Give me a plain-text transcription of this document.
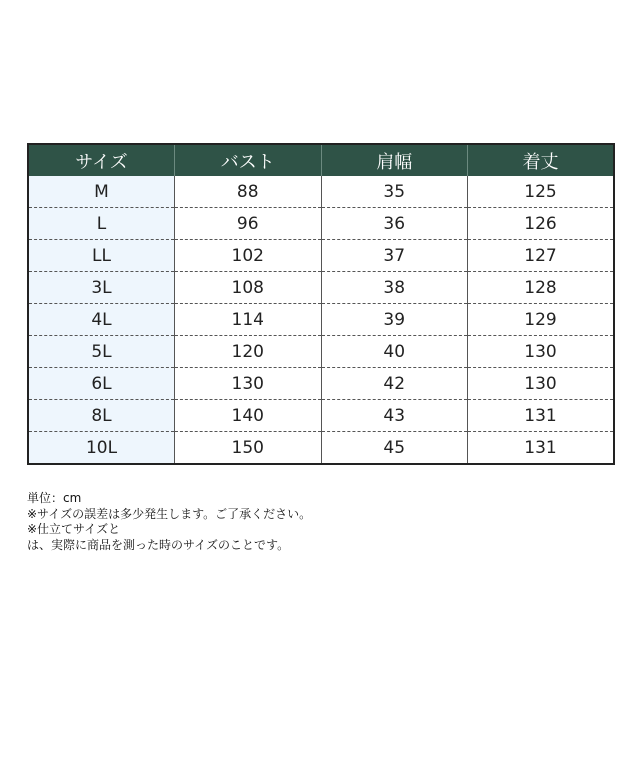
サイズ	バスト	肩幅	着丈
M	88	35	125
L	96	36	126
LL	102	37	127
3L	108	38	128
4L	114	39	129
5L	120	40	130
6L	130	42	130
8L	140	43	131
10L	150	45	131
単位：cm
※サイズの誤差は多少発生します。ご了承ください。
※仕立てサイズと
は、実際に商品を測った時のサイズのことです。
